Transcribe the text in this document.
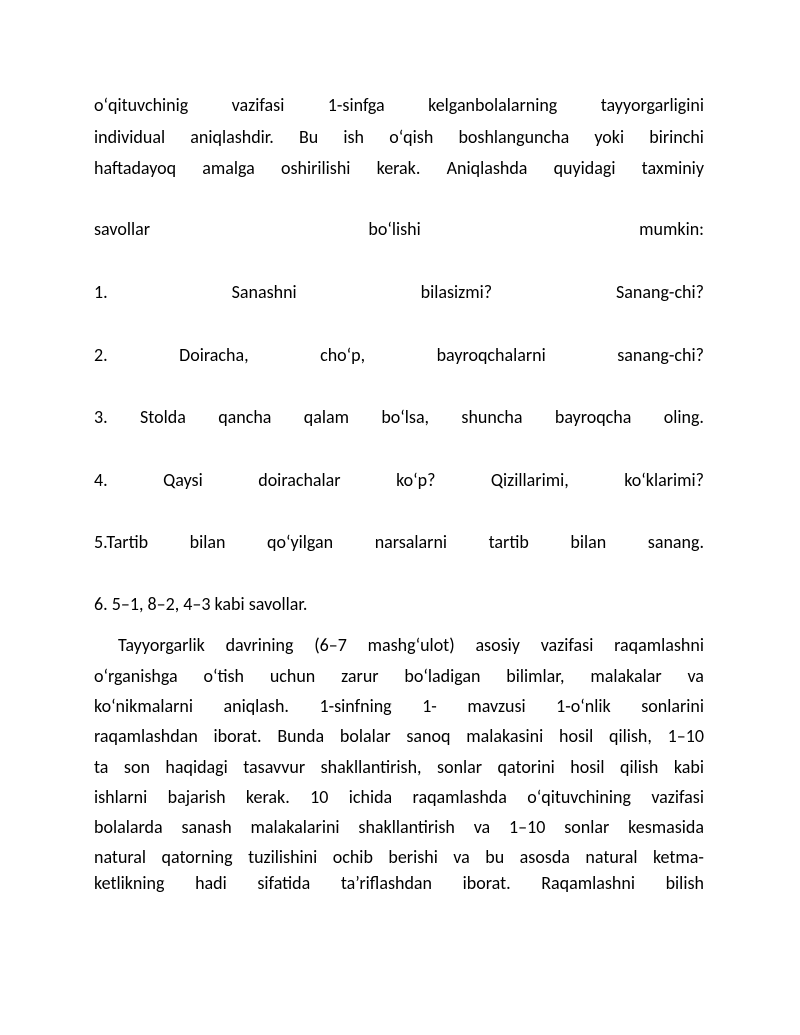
oʻqituvchinig vazifasi 1-sinfga kelganbolalarning tayyorgarligini
individual aniqlashdir. Bu ish oʻqish boshlanguncha yoki birinchi
haftadayoq amalga oshirilishi kerak. Aniqlashda quyidagi taxminiy
savollar	boʻlishi	mumkin:
1.	Sanashni	bilasizmi?	Sanang-chi?
2.	Doiracha,	choʻp,	bayroqchalarni	sanang-chi?
3. Stolda qancha qalam boʻlsa, shuncha bayroqcha oling.
4.	Qaysi	doirachalar	koʻp?	Qizillarimi,	koʻklarimi?
5.Tartib bilan qoʻyilgan narsalarni tartib bilan sanang.
6. 5–1, 8–2, 4–3 kabi savollar.
Tayyorgarlik davrining (6–7 mashgʻulot) asosiy vazifasi raqamlashni
oʻrganishga oʻtish uchun zarur boʻladigan bilimlar, malakalar va
koʻnikmalarni aniqlash. 1-sinfning 1- mavzusi 1-oʻnlik sonlarini
raqamlashdan iborat. Bunda bolalar sanoq malakasini hosil qilish, 1–10
ta son haqidagi tasavvur shakllantirish, sonlar qatorini hosil qilish kabi
ishlarni bajarish kerak. 10 ichida raqamlashda oʻqituvchining vazifasi
bolalarda sanash malakalarini shakllantirish va 1–10 sonlar kesmasida
natural qatorning tuzilishini ochib berishi va bu asosda natural ketma-
ketlikning hadi sifatida ta’riflashdan iborat. Raqamlashni bilish
